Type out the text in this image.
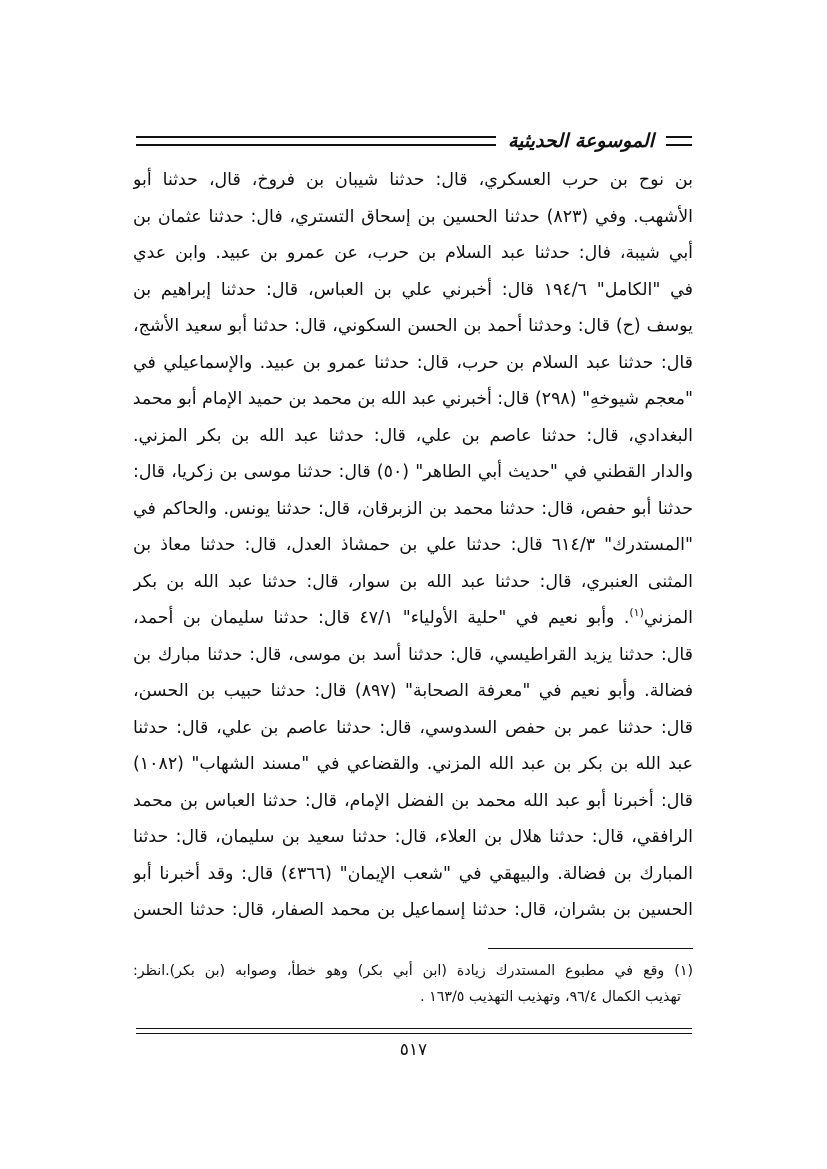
الموسوعة الحديثية
بن نوح بن حرب العسكري، قال: حدثنا شيبان بن فروخ، قال، حدثنا أبو
الأشهب. وفي (٨٢٣) حدثنا الحسين بن إسحاق التستري، فال: حدثنا عثمان بن
أبي شيبة، فال: حدثنا عبد السلام بن حرب، عن عمرو بن عبيد. وابن عدي
في "الكامل" ١٩٤/٦ قال: أخبرني علي بن العباس، قال: حدثنا إبراهيم بن
يوسف (ح) قال: وحدثنا أحمد بن الحسن السكوني، قال: حدثنا أبو سعيد الأشج،
قال: حدثنا عبد السلام بن حرب، قال: حدثنا عمرو بن عبيد. والإسماعيلي في
"معجم شيوخهِ" (٢٩٨) قال: أخبرني عبد الله بن محمد بن حميد الإمام أبو محمد
البغدادي، قال: حدثنا عاصم بن علي، قال: حدثنا عبد الله بن بكر المزني.
والدار القطني في "حديث أبي الطاهر" (٥٠) قال: حدثنا موسى بن زكريا، قال:
حدثنا أبو حفص، قال: حدثنا محمد بن الزبرقان، قال: حدثنا يونس. والحاكم في
"المستدرك" ٦١٤/٣ قال: حدثنا علي بن حمشاذ العدل، قال: حدثنا معاذ بن
المثنى العنبري، قال: حدثنا عبد الله بن سوار، قال: حدثنا عبد الله بن بكر
المزني$^{(١)}$. وأبو نعيم في "حلية الأولياء" ٤٧/١ قال: حدثنا سليمان بن أحمد،
قال: حدثنا يزيد القراطيسي، قال: حدثنا أسد بن موسى، قال: حدثنا مبارك بن
فضالة. وأبو نعيم في "معرفة الصحابة" (٨٩٧) قال: حدثنا حبيب بن الحسن،
قال: حدثنا عمر بن حفص السدوسي، قال: حدثنا عاصم بن علي، قال: حدثنا
عبد الله بن بكر بن عبد الله المزني. والقضاعي في "مسند الشهاب" (١٠٨٢)
قال: أخبرنا أبو عبد الله محمد بن الفضل الإمام، قال: حدثنا العباس بن محمد
الرافقي، قال: حدثنا هلال بن العلاء، قال: حدثنا سعيد بن سليمان، قال: حدثنا
المبارك بن فضالة. والبيهقي في "شعب الإيمان" (٤٣٦٦) قال: وقد أخبرنا أبو
الحسين بن بشران، قال: حدثنا إسماعيل بن محمد الصفار، قال: حدثنا الحسن
(١) وقع في مطبوع المستدرك زيادة (ابن أبي بكر) وهو خطأ، وصوابه (بن بكر).انظر:
تهذيب الكمال ٩٦/٤، وتهذيب التهذيب ١٦٣/٥ .
٥١٧
